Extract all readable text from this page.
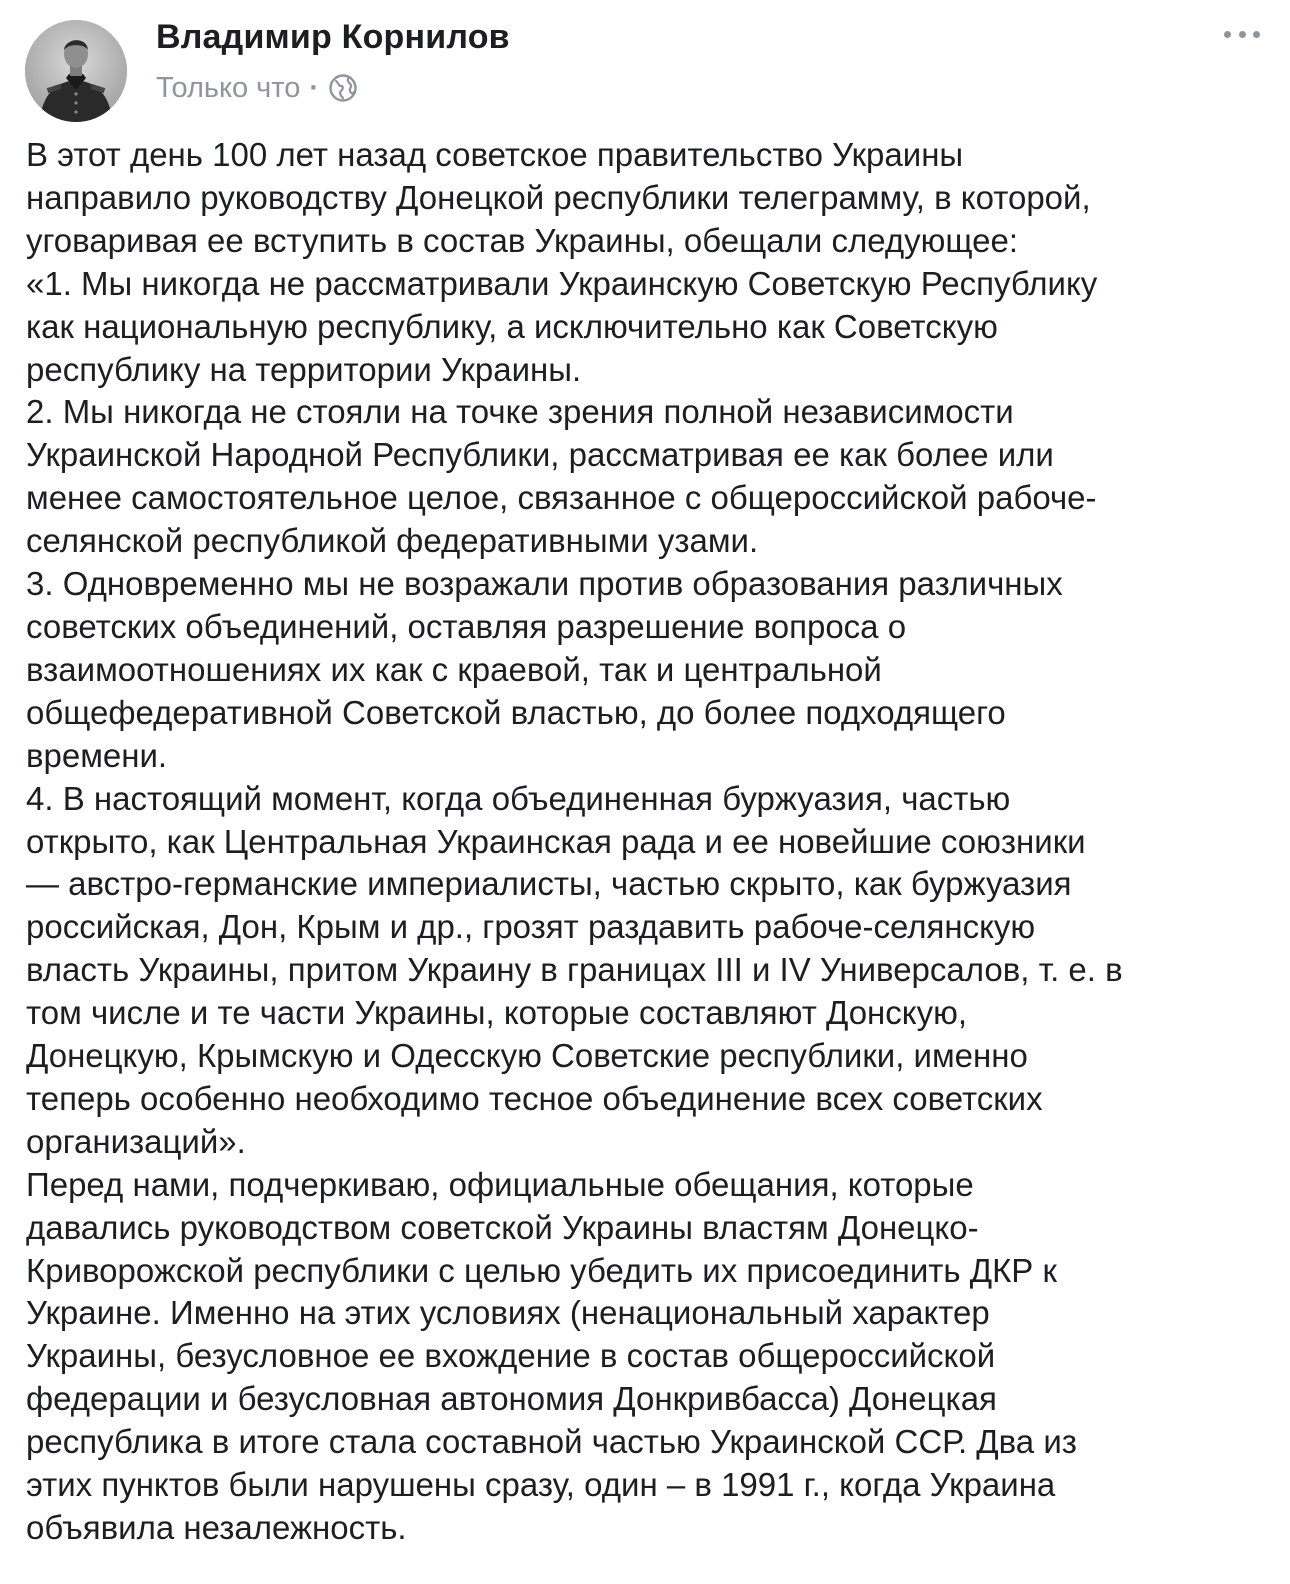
Владимир Корнилов
Только что ·
В этот день 100 лет назад советское правительство Украины
направило руководству Донецкой республики телеграмму, в которой,
уговаривая ее вступить в состав Украины, обещали следующее:
«1. Мы никогда не рассматривали Украинскую Советскую Республику
как национальную республику, а исключительно как Советскую
республику на территории Украины.
2. Мы никогда не стояли на точке зрения полной независимости
Украинской Народной Республики, рассматривая ее как более или
менее самостоятельное целое, связанное с общероссийской рабоче-
селянской республикой федеративными узами.
3. Одновременно мы не возражали против образования различных
советских объединений, оставляя разрешение вопроса о
взаимоотношениях их как с краевой, так и центральной
общефедеративной Советской властью, до более подходящего
времени.
4. В настоящий момент, когда объединенная буржуазия, частью
открыто, как Центральная Украинская рада и ее новейшие союзники
— австро-германские империалисты, частью скрыто, как буржуазия
российская, Дон, Крым и др., грозят раздавить рабоче-селянскую
власть Украины, притом Украину в границах III и IV Универсалов, т. е. в
том числе и те части Украины, которые составляют Донскую,
Донецкую, Крымскую и Одесскую Советские республики, именно
теперь особенно необходимо тесное объединение всех советских
организаций».
Перед нами, подчеркиваю, официальные обещания, которые
давались руководством советской Украины властям Донецко-
Криворожской республики с целью убедить их присоединить ДКР к
Украине. Именно на этих условиях (ненациональный характер
Украины, безусловное ее вхождение в состав общероссийской
федерации и безусловная автономия Донкривбасса) Донецкая
республика в итоге стала составной частью Украинской ССР. Два из
этих пунктов были нарушены сразу, один – в 1991 г., когда Украина
объявила незалежность.
